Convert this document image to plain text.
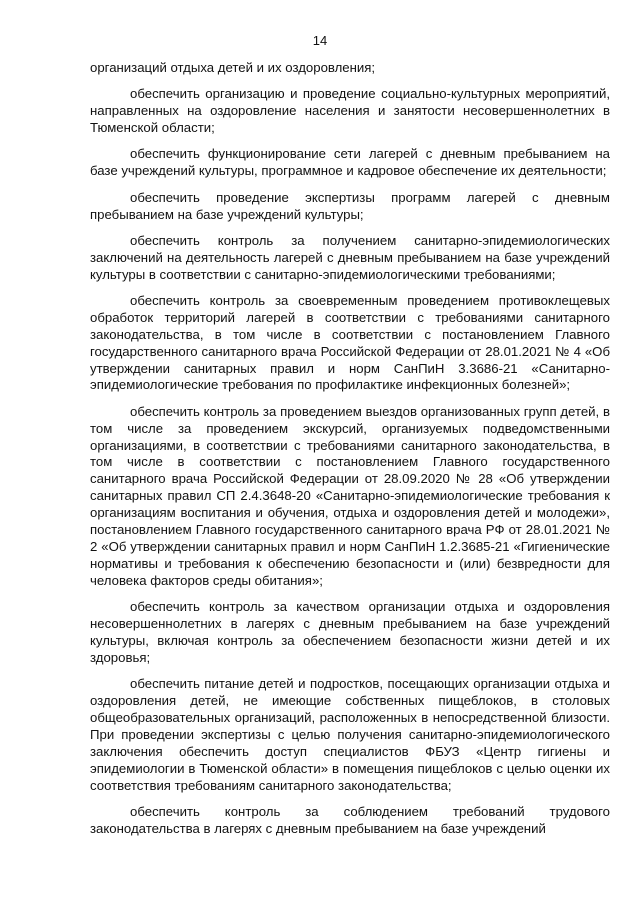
14

организаций отдыха детей и их оздоровления;

обеспечить организацию и проведение социально-культурных мероприятий, направленных на оздоровление населения и занятости несовершеннолетних в Тюменской области;

обеспечить функционирование сети лагерей с дневным пребыванием на базе учреждений культуры, программное и кадровое обеспечение их деятельности;

обеспечить проведение экспертизы программ лагерей с дневным пребыванием на базе учреждений культуры;

обеспечить контроль за получением санитарно-эпидемиологических заключений на деятельность лагерей с дневным пребыванием на базе учреждений культуры в соответствии с санитарно-эпидемиологическими требованиями;

обеспечить контроль за своевременным проведением противоклещевых обработок территорий лагерей в соответствии с требованиями санитарного законодательства, в том числе в соответствии с постановлением Главного государственного санитарного врача Российской Федерации от 28.01.2021 № 4 «Об утверждении санитарных правил и норм СанПиН 3.3686-21 «Санитарно-эпидемиологические требования по профилактике инфекционных болезней»;

обеспечить контроль за проведением выездов организованных групп детей, в том числе за проведением экскурсий, организуемых подведомственными организациями, в соответствии с требованиями санитарного законодательства, в том числе в соответствии с постановлением Главного государственного санитарного врача Российской Федерации от 28.09.2020 № 28 «Об утверждении санитарных правил СП 2.4.3648-20 «Санитарно-эпидемиологические требования к организациям воспитания и обучения, отдыха и оздоровления детей и молодежи», постановлением Главного государственного санитарного врача РФ от 28.01.2021 № 2 «Об утверждении санитарных правил и норм СанПиН 1.2.3685-21 «Гигиенические нормативы и требования к обеспечению безопасности и (или) безвредности для человека факторов среды обитания»;

обеспечить контроль за качеством организации отдыха и оздоровления несовершеннолетних в лагерях с дневным пребыванием на базе учреждений культуры, включая контроль за обеспечением безопасности жизни детей и их здоровья;

обеспечить питание детей и подростков, посещающих организации отдыха и оздоровления детей, не имеющие собственных пищеблоков, в столовых общеобразовательных организаций, расположенных в непосредственной близости. При проведении экспертизы с целью получения санитарно-эпидемиологического заключения обеспечить доступ специалистов ФБУЗ «Центр гигиены и эпидемиологии в Тюменской области» в помещения пищеблоков с целью оценки их соответствия требованиям санитарного законодательства;

обеспечить контроль за соблюдением требований трудового законодательства в лагерях с дневным пребыванием на базе учреждений
